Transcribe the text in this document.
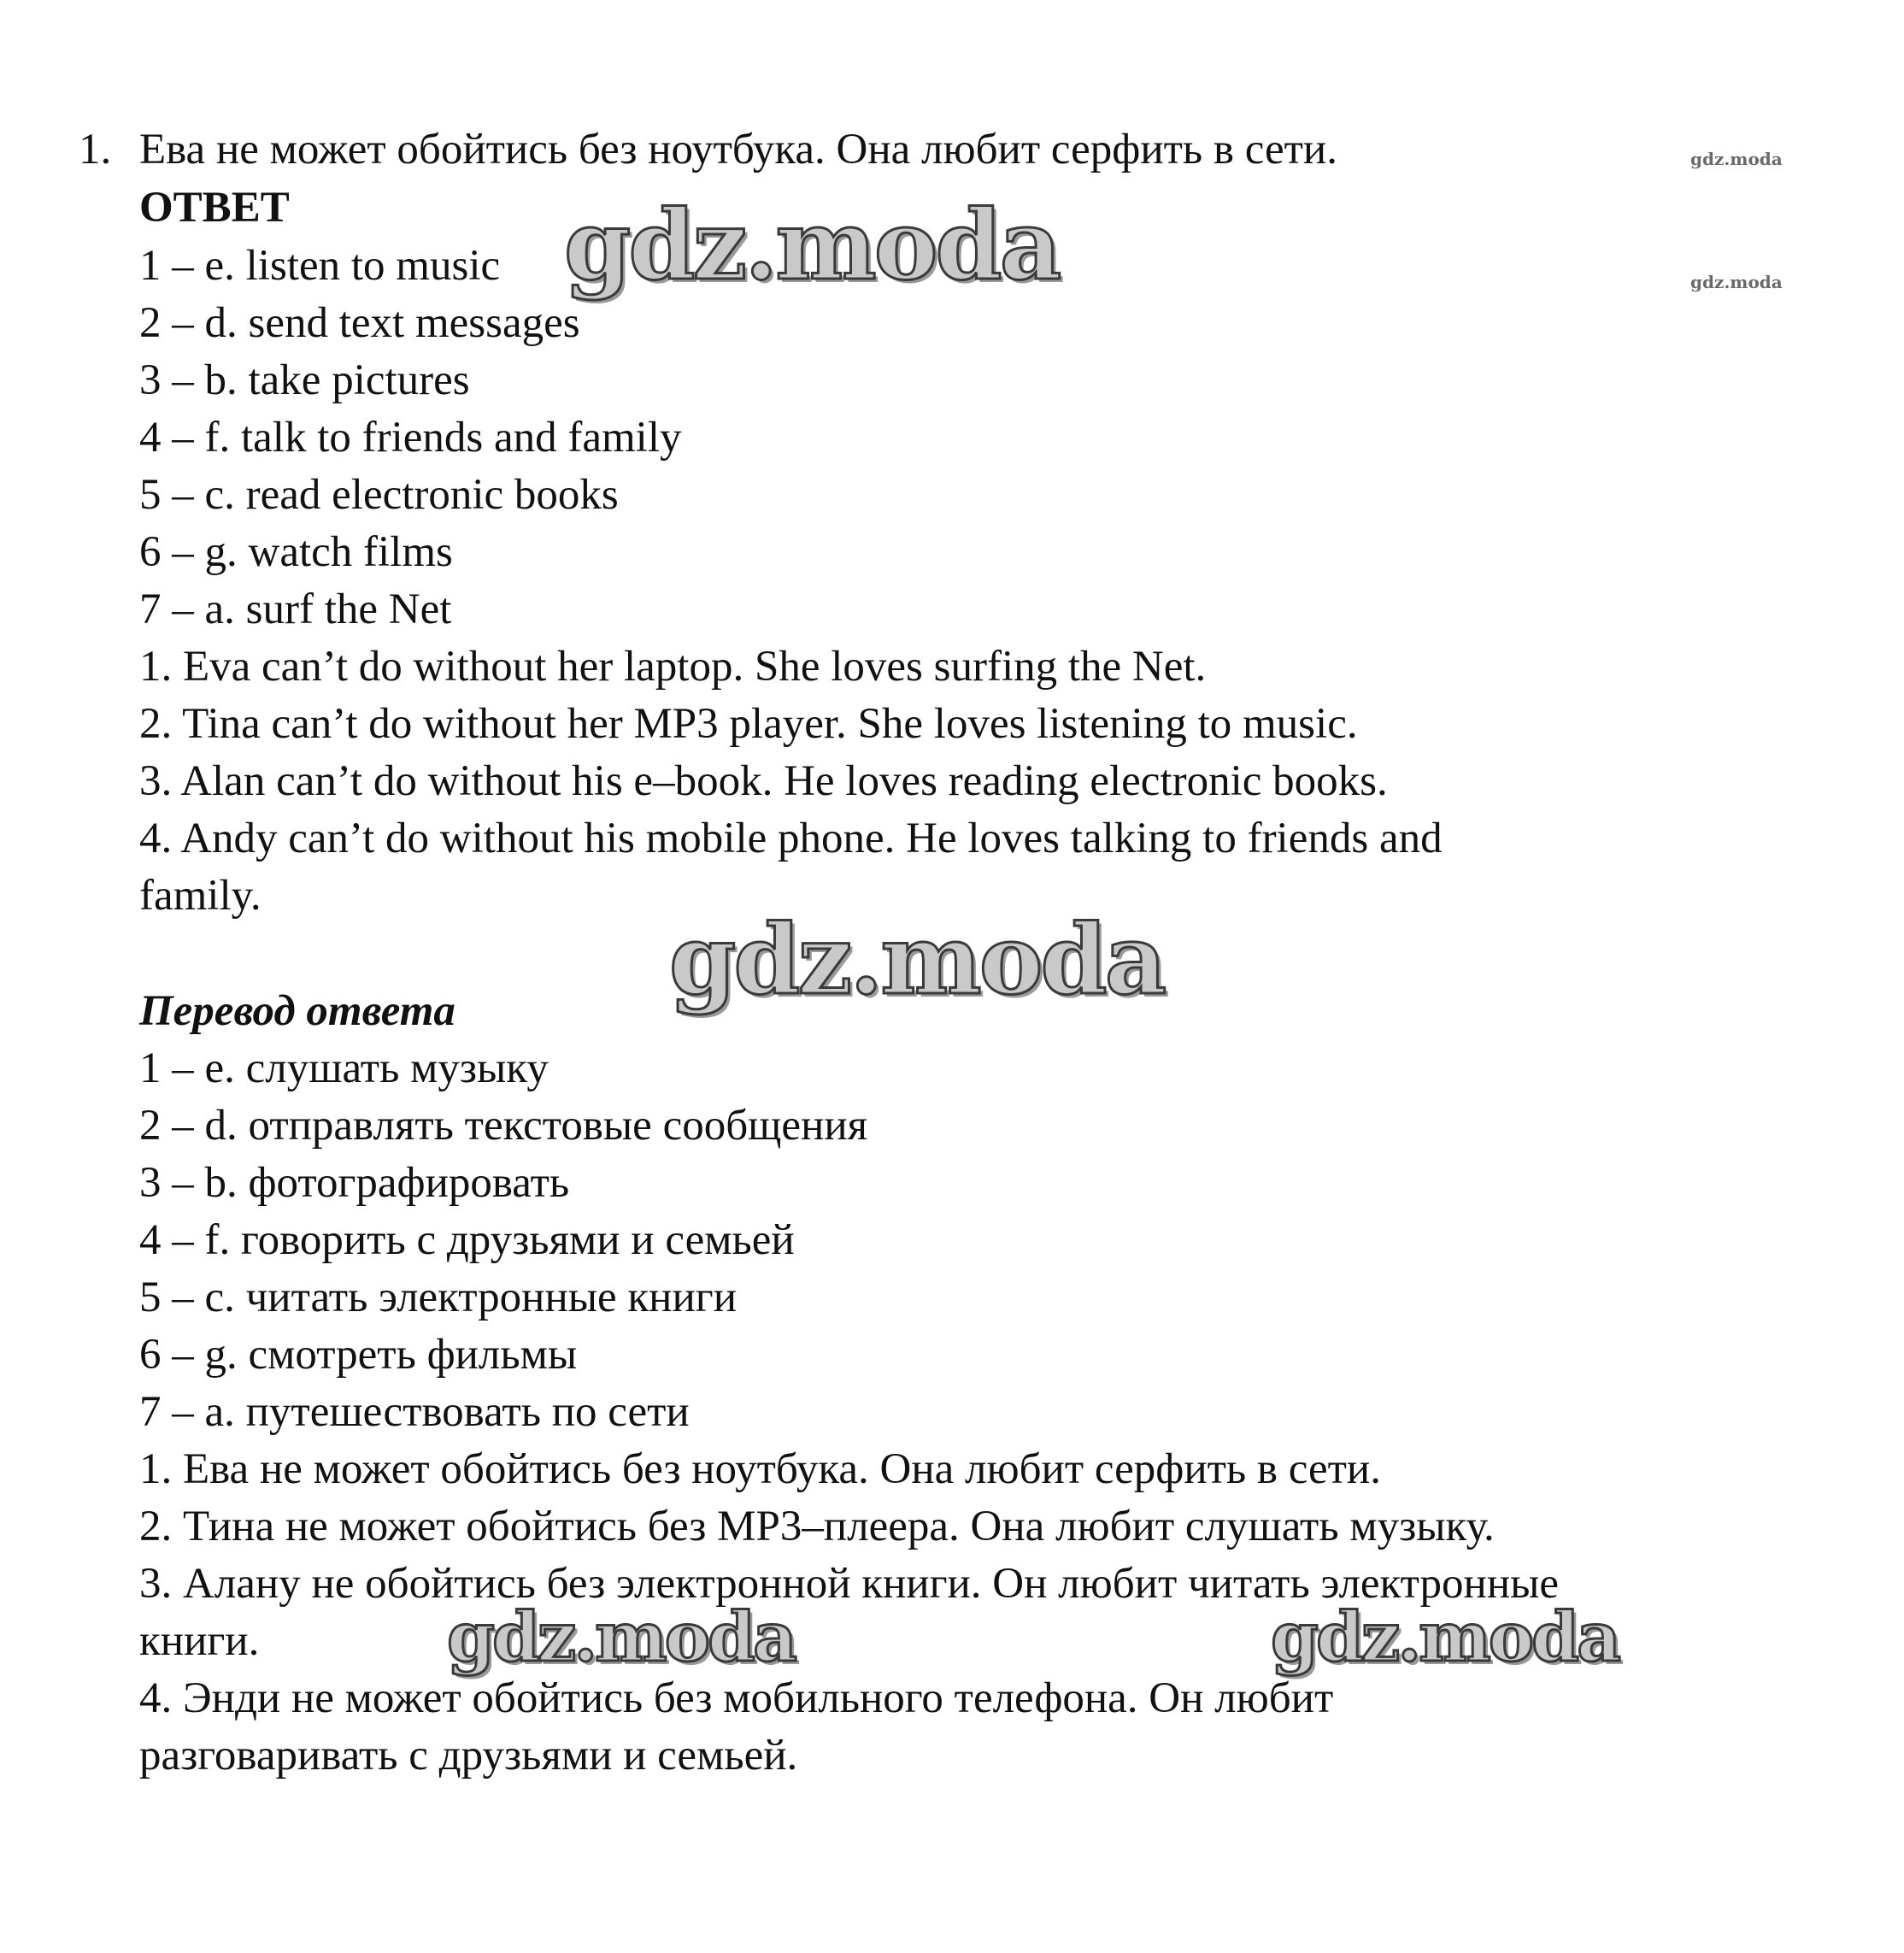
1. Ева не может обойтись без ноутбука. Она любит серфить в сети.
ОТВЕТ
1 – e. listen to music
2 – d. send text messages
3 – b. take pictures
4 – f. talk to friends and family
5 – c. read electronic books
6 – g. watch films
7 – a. surf the Net
1. Eva can’t do without her laptop. She loves surfing the Net.
2. Tina can’t do without her MP3 player. She loves listening to music.
3. Alan can’t do without his e–book. He loves reading electronic books.
4. Andy can’t do without his mobile phone. He loves talking to friends and
family.
Перевод ответа
1 – e. слушать музыку
2 – d. отправлять текстовые сообщения
3 – b. фотографировать
4 – f. говорить с друзьями и семьей
5 – c. читать электронные книги
6 – g. смотреть фильмы
7 – a. путешествовать по сети
1. Ева не может обойтись без ноутбука. Она любит серфить в сети.
2. Тина не может обойтись без MP3–плеера. Она любит слушать музыку.
3. Алану не обойтись без электронной книги. Он любит читать электронные
книги.
4. Энди не может обойтись без мобильного телефона. Он любит
разговаривать с друзьями и семьей.
gdz.moda
gdz.moda
gdz.moda	gdz.moda
gdz.moda
gdz.moda
